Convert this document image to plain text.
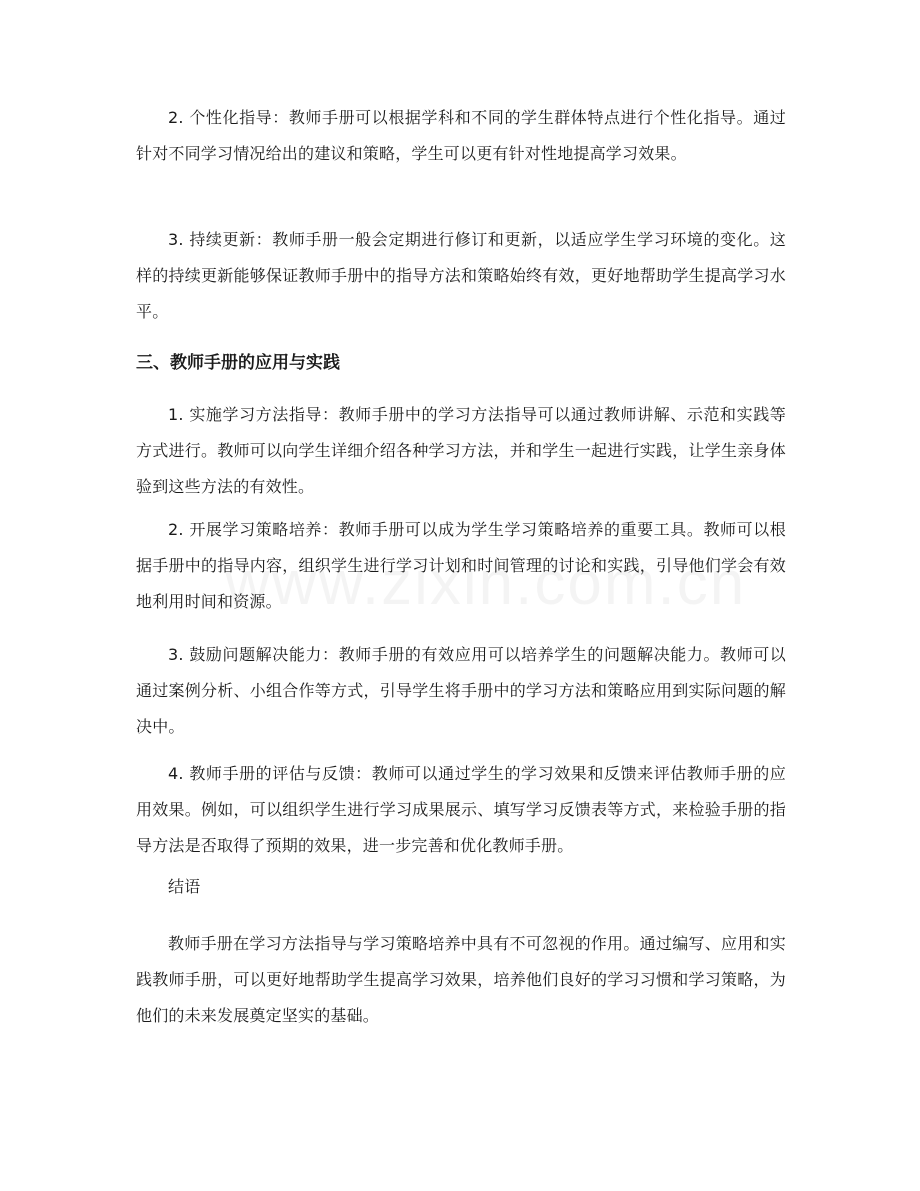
2. 个性化指导：教师手册可以根据学科和不同的学生群体特点进行个性化指导。通过针对不同学习情况给出的建议和策略，学生可以更有针对性地提高学习效果。

3. 持续更新：教师手册一般会定期进行修订和更新，以适应学生学习环境的变化。这样的持续更新能够保证教师手册中的指导方法和策略始终有效，更好地帮助学生提高学习水平。

三、教师手册的应用与实践

1. 实施学习方法指导：教师手册中的学习方法指导可以通过教师讲解、示范和实践等方式进行。教师可以向学生详细介绍各种学习方法，并和学生一起进行实践，让学生亲身体验到这些方法的有效性。

2. 开展学习策略培养：教师手册可以成为学生学习策略培养的重要工具。教师可以根据手册中的指导内容，组织学生进行学习计划和时间管理的讨论和实践，引导他们学会有效地利用时间和资源。

3. 鼓励问题解决能力：教师手册的有效应用可以培养学生的问题解决能力。教师可以通过案例分析、小组合作等方式，引导学生将手册中的学习方法和策略应用到实际问题的解决中。

4. 教师手册的评估与反馈：教师可以通过学生的学习效果和反馈来评估教师手册的应用效果。例如，可以组织学生进行学习成果展示、填写学习反馈表等方式，来检验手册的指导方法是否取得了预期的效果，进一步完善和优化教师手册。

结语

教师手册在学习方法指导与学习策略培养中具有不可忽视的作用。通过编写、应用和实践教师手册，可以更好地帮助学生提高学习效果，培养他们良好的学习习惯和学习策略，为他们的未来发展奠定坚实的基础。
